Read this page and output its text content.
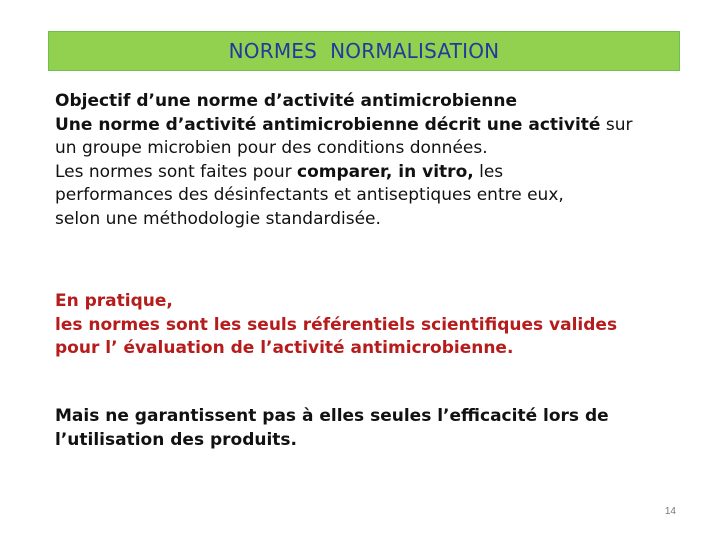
NORMES  NORMALISATION
Objectif d’une norme d’activité antimicrobienne
Une norme d’activité antimicrobienne décrit une activité sur
un groupe microbien pour des conditions données.
Les normes sont faites pour comparer, in vitro, les
performances des désinfectants et antiseptiques entre eux,
selon une méthodologie standardisée.
En pratique,
les normes sont les seuls référentiels scientifiques valides
pour l’ évaluation de l’activité antimicrobienne.
Mais ne garantissent pas à elles seules l’efficacité lors de
l’utilisation des produits.
14
